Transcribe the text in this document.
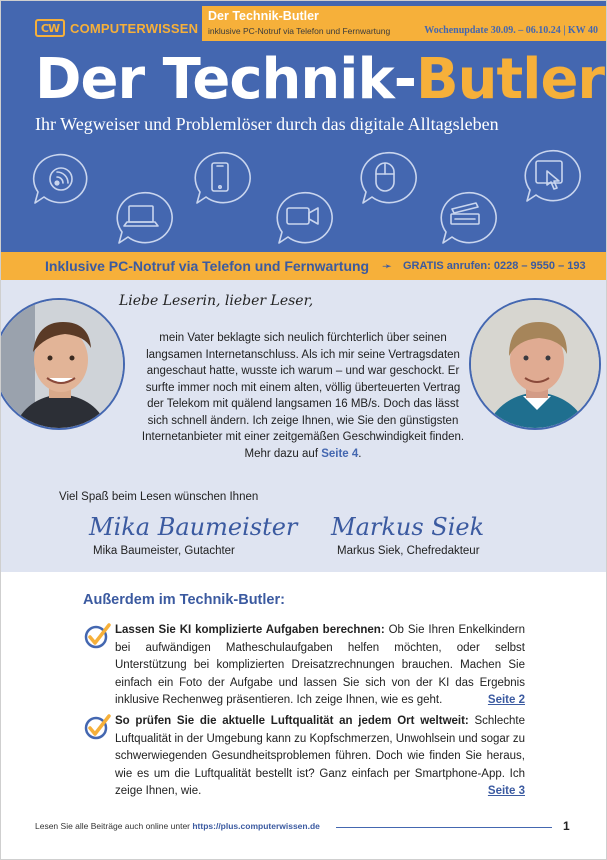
CW COMPUTERWISSEN
Der Technik-Butler
inklusive PC-Notruf via Telefon und Fernwartung	Wochenupdate 30.09. – 06.10.24 | KW 40
Der Technik-Butler
Ihr Wegweiser und Problemlöser durch das digitale Alltagsleben
Inklusive PC-Notruf via Telefon und Fernwartung ➛ GRATIS anrufen: 0228 – 9550 – 193
Liebe Leserin, lieber Leser,
mein Vater beklagte sich neulich fürchterlich über seinen langsamen Internetanschluss. Als ich mir seine Vertragsdaten angeschaut hatte, wusste ich warum – und war geschockt. Er surfte immer noch mit einem alten, völlig überteuerten Vertrag der Telekom mit quälend langsamen 16 MB/s. Doch das lässt sich schnell ändern. Ich zeige Ihnen, wie Sie den günstigsten Internetanbieter mit einer zeitgemäßen Geschwindigkeit finden. Mehr dazu auf Seite 4.
Viel Spaß beim Lesen wünschen Ihnen
Mika Baumeister Markus Siek
Mika Baumeister, Gutachter	Markus Siek, Chefredakteur
Außerdem im Technik-Butler:
Lassen Sie KI komplizierte Aufgaben berechnen: Ob Sie Ihren Enkelkindern bei aufwändigen Matheschulaufgaben helfen möchten, oder selbst Unterstützung bei komplizierten Dreisatzrechnungen brauchen. Machen Sie einfach ein Foto der Aufgabe und lassen Sie sich von der KI das Ergebnis inklusive Rechenweg präsentieren. Ich zeige Ihnen, wie es geht.	Seite 2
So prüfen Sie die aktuelle Luftqualität an jedem Ort weltweit: Schlechte Luftqualität in der Umgebung kann zu Kopfschmerzen, Unwohlsein und sogar zu schwerwiegenden Gesundheitsproblemen führen. Doch wie finden Sie heraus, wie es um die Luftqualität bestellt ist? Ganz einfach per Smartphone-App. Ich zeige Ihnen, wie.	Seite 3
Lesen Sie alle Beiträge auch online unter https://plus.computerwissen.de	1
